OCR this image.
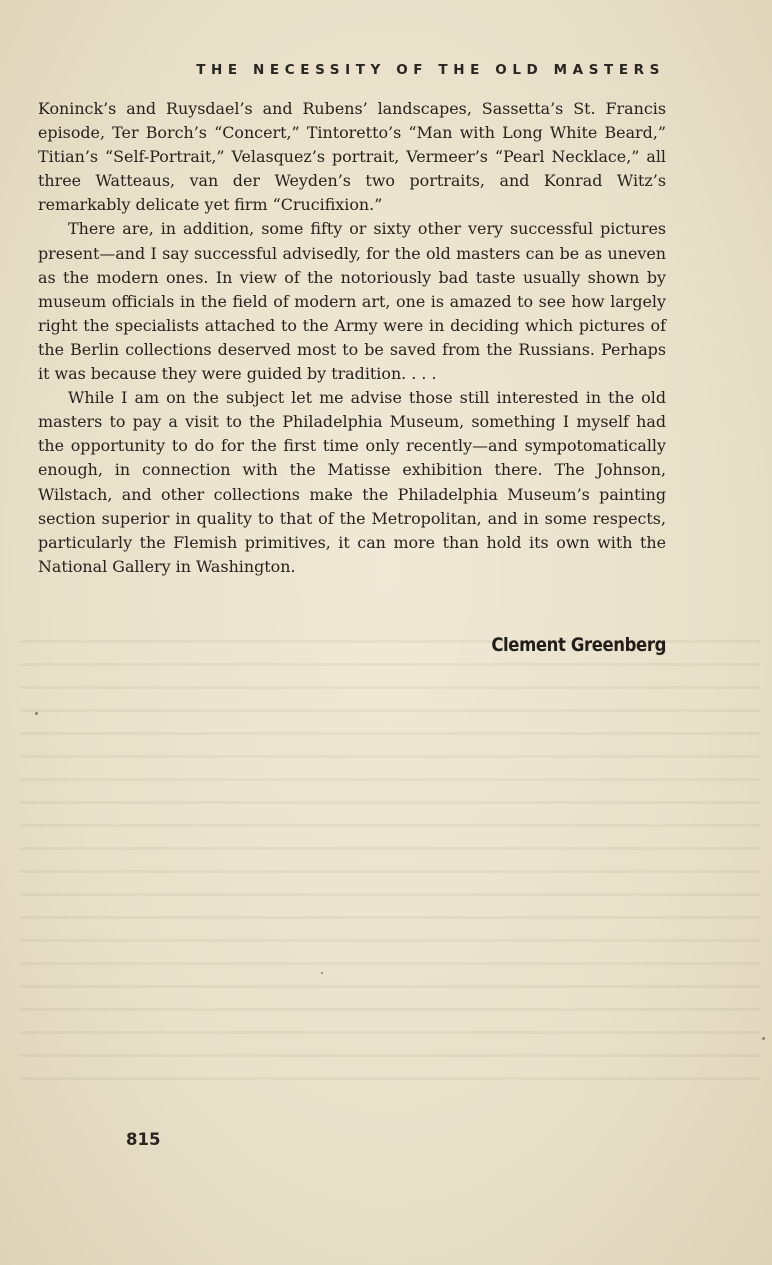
THE NECESSITY OF THE OLD MASTERS

Koninck’s and Ruysdael’s and Rubens’ landscapes, Sassetta’s St. Francis episode, Ter Borch’s “Concert,” Tintoretto’s “Man with Long White Beard,” Titian’s “Self-Portrait,” Velasquez’s portrait, Vermeer’s “Pearl Necklace,” all three Watteaus, van der Weyden’s two portraits, and Konrad Witz’s remarkably delicate yet firm “Crucifixion.”

There are, in addition, some fifty or sixty other very successful pictures present—and I say successful advisedly, for the old masters can be as uneven as the modern ones. In view of the notoriously bad taste usually shown by museum officials in the field of modern art, one is amazed to see how largely right the specialists attached to the Army were in deciding which pictures of the Berlin collections deserved most to be saved from the Russians. Perhaps it was because they were guided by tradition. . . .

While I am on the subject let me advise those still interested in the old masters to pay a visit to the Philadelphia Museum, something I myself had the opportunity to do for the first time only recently—and sympotomatically enough, in connection with the Matisse exhibition there. The Johnson, Wilstach, and other collections make the Philadelphia Museum’s painting section superior in quality to that of the Metropolitan, and in some respects, particularly the Flemish primitives, it can more than hold its own with the National Gallery in Washington.

Clement Greenberg
815
